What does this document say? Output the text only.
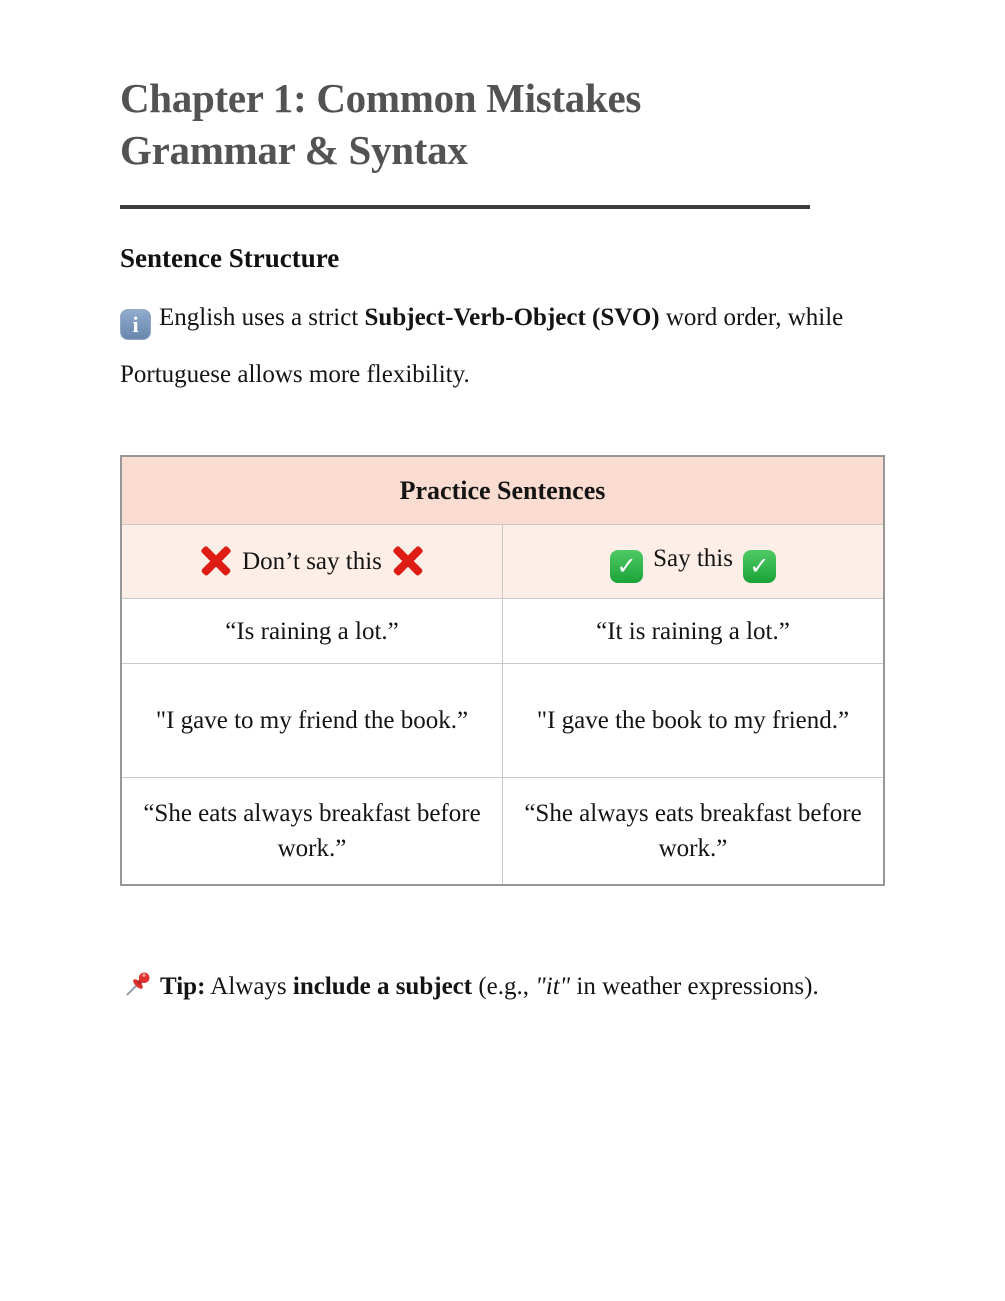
Chapter 1: Common Mistakes
Grammar & Syntax
Sentence Structure

i English uses a strict Subject-Verb-Object (SVO) word order, while Portuguese allows more flexibility.

Practice Sentences	

Don’t say this	✓ Say this ✓

“Is raining a lot.”	“It is raining a lot.”
"I gave to my friend the book.”	"I gave the book to my friend.”
“She eats always breakfast before work.”	“She always eats breakfast before work.”

Tip: Always include a subject (e.g., "it" in weather expressions).
